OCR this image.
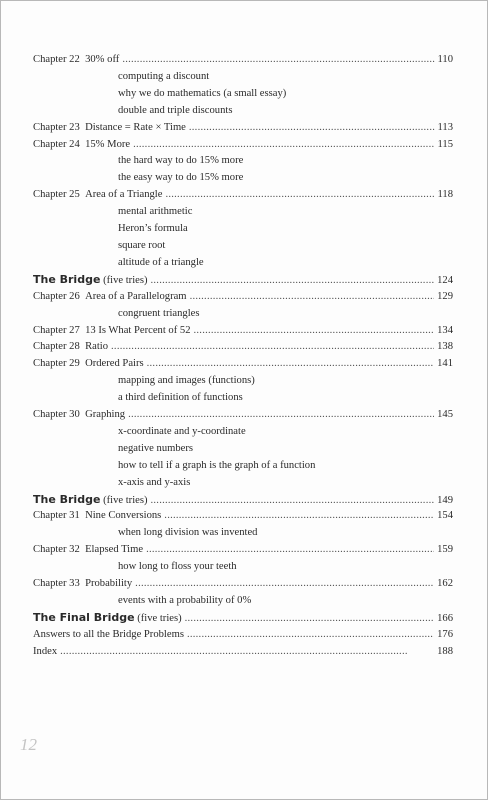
Chapter 22 30% off . . .	110
computing a discount
why we do mathematics (a small essay)
double and triple discounts
Chapter 23 Distance = Rate × Time . . .	113
Chapter 24 15% More . . .	115
the hard way to do 15% more
the easy way to do 15% more
Chapter 25 Area of a Triangle . . .	118
mental arithmetic
Heron’s formula
square root
altitude of a triangle
The Bridge (five tries) . . .	124
Chapter 26 Area of a Parallelogram . . .	129
congruent triangles
Chapter 27 13 Is What Percent of 52 . . .	134
Chapter 28 Ratio . . .	138
Chapter 29 Ordered Pairs . . .	141
mapping and images (functions)
a third definition of functions
Chapter 30 Graphing . . .	145
x-coordinate and y-coordinate
negative numbers
how to tell if a graph is the graph of a function
x-axis and y-axis
The Bridge (five tries) . . .	149
Chapter 31 Nine Conversions . . .	154
when long division was invented
Chapter 32 Elapsed Time . . .	159
how long to floss your teeth
Chapter 33 Probability . . .	162
events with a probability of 0%
The Final Bridge (five tries) . . .	166
Answers to all the Bridge Problems . . .	176
Index . . .	188
12
